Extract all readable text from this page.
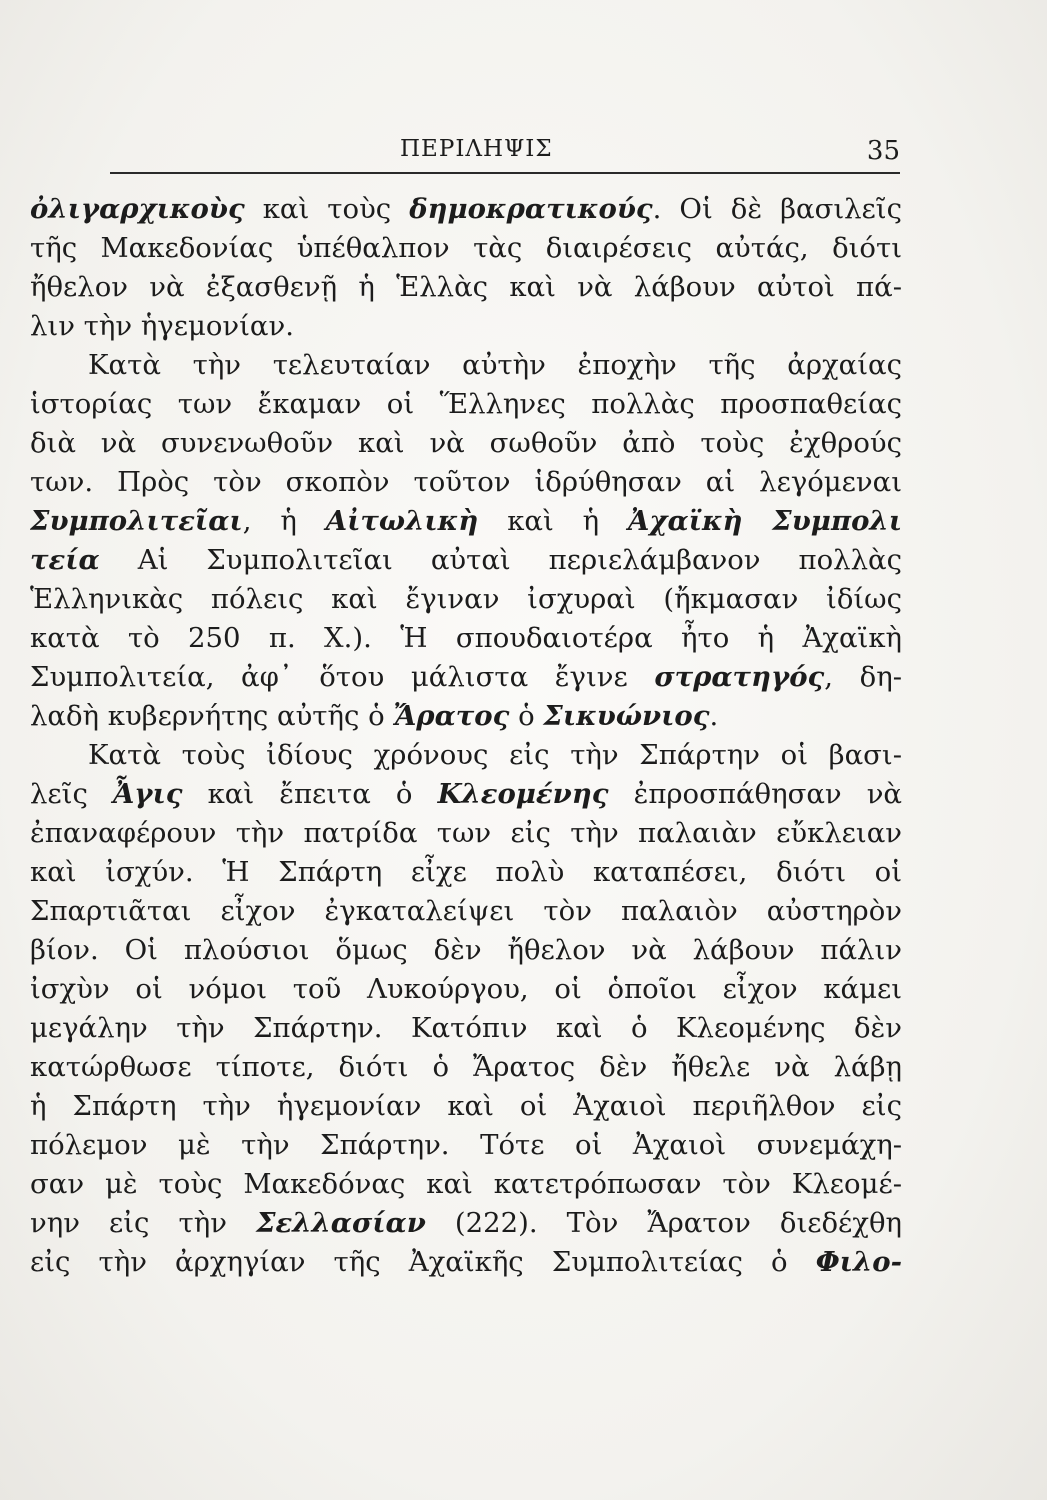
ΠΕΡΙΛΗΨΙΣ	35
ὀλιγαρχικοὺς καὶ τοὺς δημοκρατικούς. Οἱ δὲ βασιλεῖς
τῆς Μακεδονίας ὑπέθαλπον τὰς διαιρέσεις αὐτάς, διότι
ἤθελον νὰ ἐξασθενῇ ἡ Ἑλλὰς καὶ νὰ λάβουν αὐτοὶ πά-
λιν τὴν ἡγεμονίαν.
Κατὰ τὴν τελευταίαν αὐτὴν ἐποχὴν τῆς ἀρχαίας
ἱστορίας των ἔκαμαν οἱ Ἕλληνες πολλὰς προσπαθείας
διὰ νὰ συνενωθοῦν καὶ νὰ σωθοῦν ἀπὸ τοὺς ἐχθρούς
των. Πρὸς τὸν σκοπὸν τοῦτον ἱδρύθησαν αἱ λεγόμεναι
Συμπολιτεῖαι, ἡ Αἰτωλικὴ καὶ ἡ Ἀχαϊκὴ Συμπολι
τεία Αἱ Συμπολιτεῖαι αὐταὶ περιελάμβανον πολλὰς
Ἑλληνικὰς πόλεις καὶ ἔγιναν ἰσχυραὶ (ἤκμασαν ἰδίως
κατὰ τὸ 250 π. Χ.). Ἡ σπουδαιοτέρα ἦτο ἡ Ἀχαϊκὴ
Συμπολιτεία, ἀφ᾽ ὅτου μάλιστα ἔγινε στρατηγός, δη-
λαδὴ κυβερνήτης αὐτῆς ὁ Ἄρατος ὁ Σικυώνιος.
Κατὰ τοὺς ἰδίους χρόνους εἰς τὴν Σπάρτην οἱ βασι-
λεῖς Ἆγις καὶ ἔπειτα ὁ Κλεομένης ἐπροσπάθησαν νὰ
ἐπαναφέρουν τὴν πατρίδα των εἰς τὴν παλαιὰν εὔκλειαν
καὶ ἰσχύν. Ἡ Σπάρτη εἶχε πολὺ καταπέσει, διότι οἱ
Σπαρτιᾶται εἶχον ἐγκαταλείψει τὸν παλαιὸν αὐστηρὸν
βίον. Οἱ πλούσιοι ὅμως δὲν ἤθελον νὰ λάβουν πάλιν
ἰσχὺν οἱ νόμοι τοῦ Λυκούργου, οἱ ὁποῖοι εἶχον κάμει
μεγάλην τὴν Σπάρτην. Κατόπιν καὶ ὁ Κλεομένης δὲν
κατώρθωσε τίποτε, διότι ὁ Ἄρατος δὲν ἤθελε νὰ λάβῃ
ἡ Σπάρτη τὴν ἡγεμονίαν καὶ οἱ Ἀχαιοὶ περιῆλθον εἰς
πόλεμον μὲ τὴν Σπάρτην. Τότε οἱ Ἀχαιοὶ συνεμάχη-
σαν μὲ τοὺς Μακεδόνας καὶ κατετρόπωσαν τὸν Κλεομέ-
νην εἰς τὴν Σελλασίαν (222). Τὸν Ἄρατον διεδέχθη
εἰς τὴν ἀρχηγίαν τῆς Ἀχαϊκῆς Συμπολιτείας ὁ Φιλο-
